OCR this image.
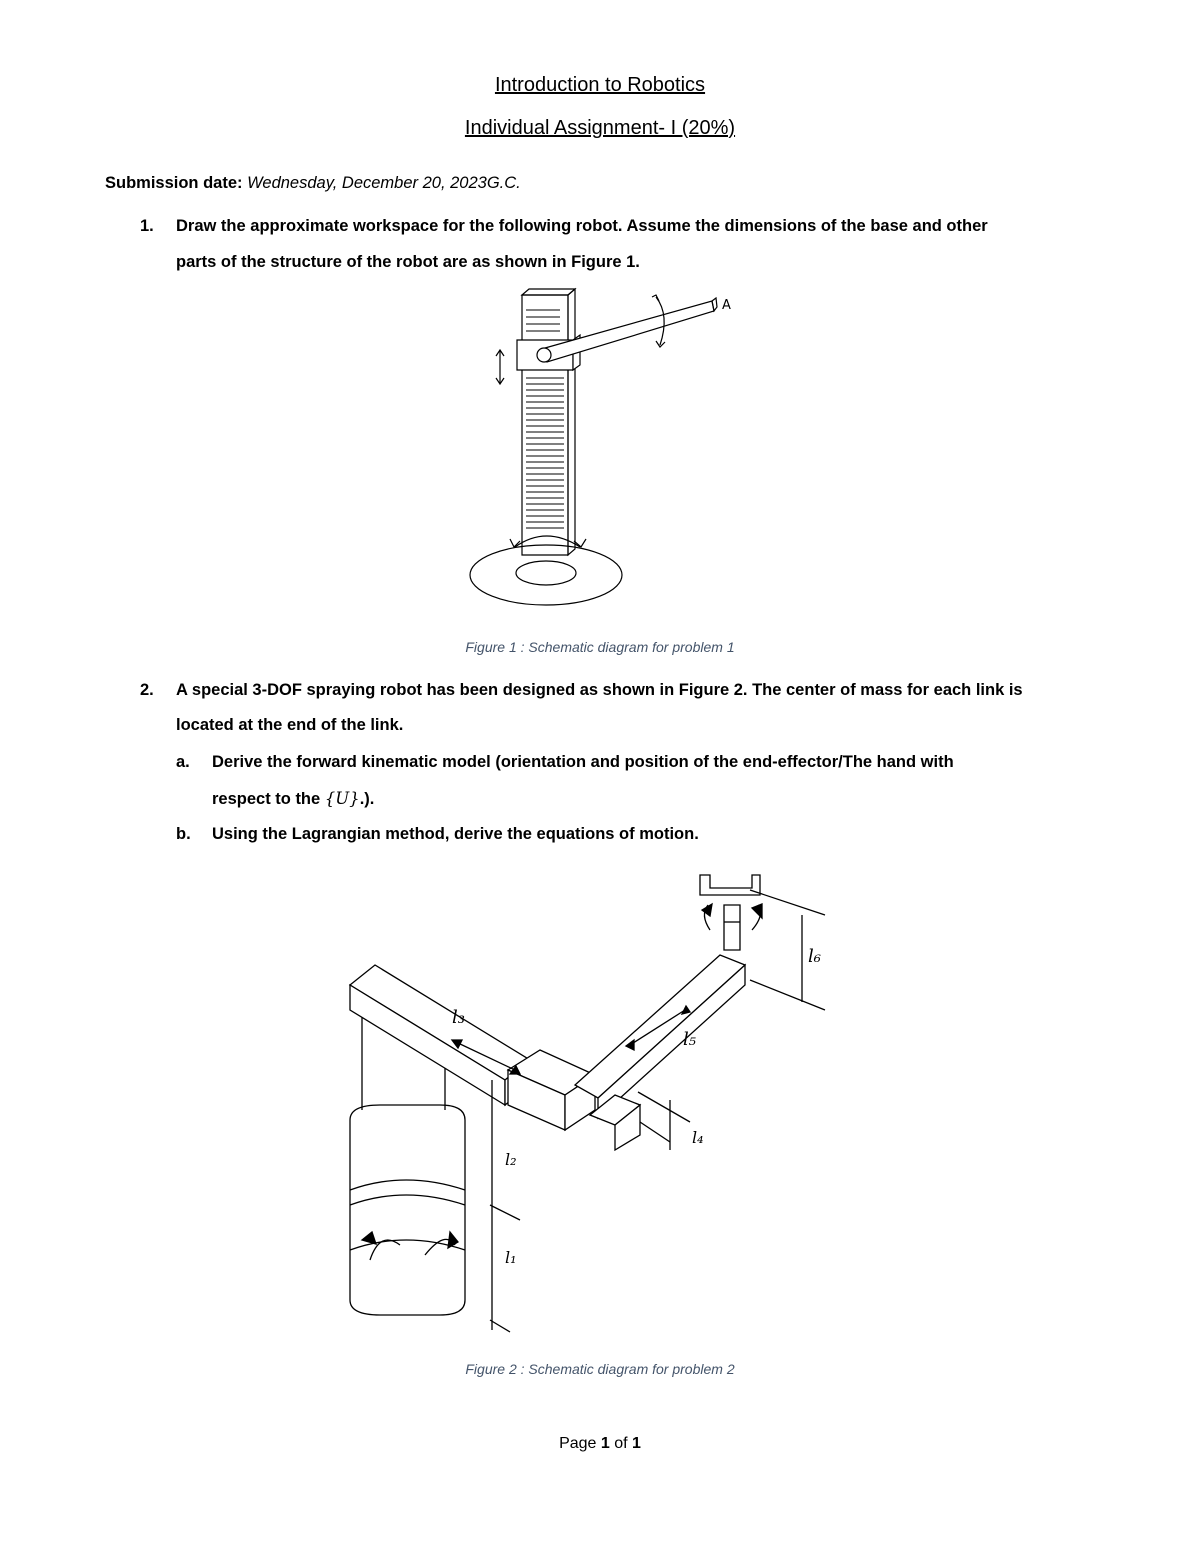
Introduction to Robotics
Individual Assignment- I (20%)
Submission date: Wednesday, December 20, 2023G.C.
1. Draw the approximate workspace for the following robot. Assume the dimensions of the base and other
parts of the structure of the robot are as shown in Figure 1.
A
Figure 1 : Schematic diagram for problem 1
2. A special 3-DOF spraying robot has been designed as shown in Figure 2. The center of mass for each link is
located at the end of the link.
a. Derive the forward kinematic model (orientation and position of the end-effector/The hand with
respect to the {U}.).
b. Using the Lagrangian method, derive the equations of motion.
l₃
l₅
l₆
l₄
l₂
l₁
Figure 2 : Schematic diagram for problem 2
Page 1 of 1
